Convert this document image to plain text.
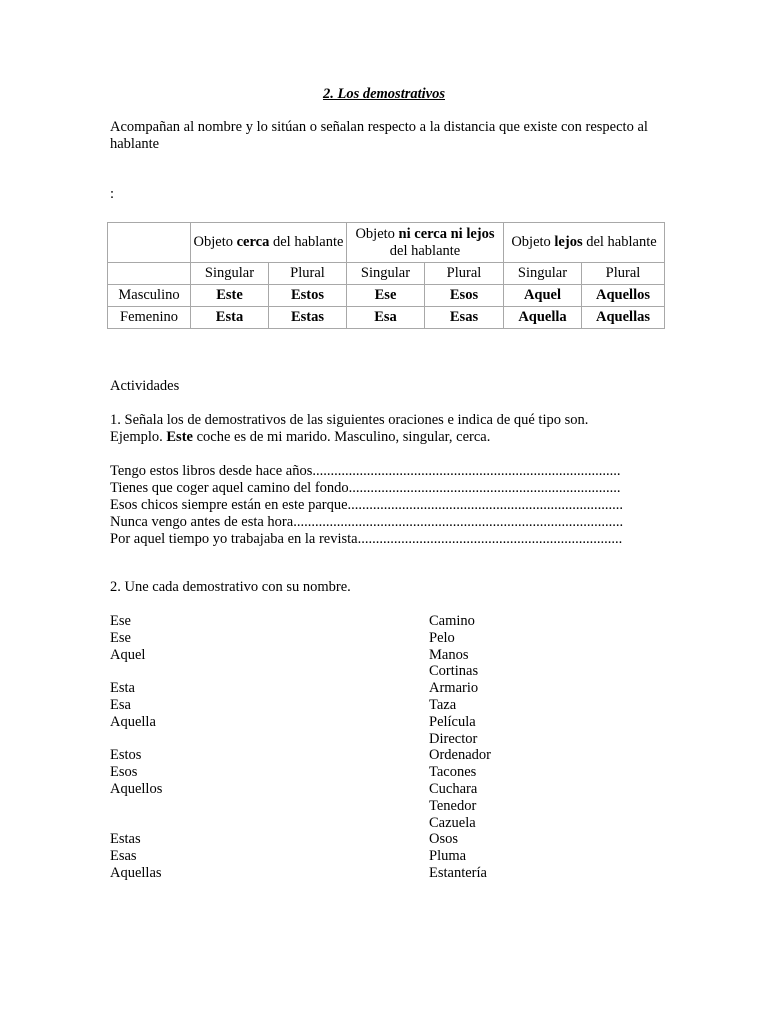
2. Los demostrativos
Acompañan al nombre y lo sitúan o señalan respecto a la distancia que existe con respecto al hablante
:
	Objeto cerca del hablante		Objeto ni cerca ni lejos del hablante		Objeto lejos del hablante	
	Singular	Plural	Singular	Plural	Singular	Plural
Masculino	Este	Estos	Ese	Esos	Aquel	Aquellos
Femenino	Esta	Estas	Esa	Esas	Aquella	Aquellas
Actividades
1. Señala los de demostrativos de las siguientes oraciones e indica de qué tipo son.
Ejemplo. Este coche es de mi marido. Masculino, singular, cerca.
Tengo estos libros desde hace años.....................................................................................
Tienes que coger aquel camino del fondo...........................................................................
Esos chicos siempre están en este parque............................................................................
Nunca vengo antes de esta hora...........................................................................................
Por aquel tiempo yo trabajaba en la revista.........................................................................
2. Une cada demostrativo con su nombre.
Ese
Ese
Aquel
Esta
Esa
Aquella
Estos
Esos
Aquellos
Estas
Esas
Aquellas
Camino
Pelo
Manos
Cortinas
Armario
Taza
Película
Director
Ordenador
Tacones
Cuchara
Tenedor
Cazuela
Osos
Pluma
Estantería
